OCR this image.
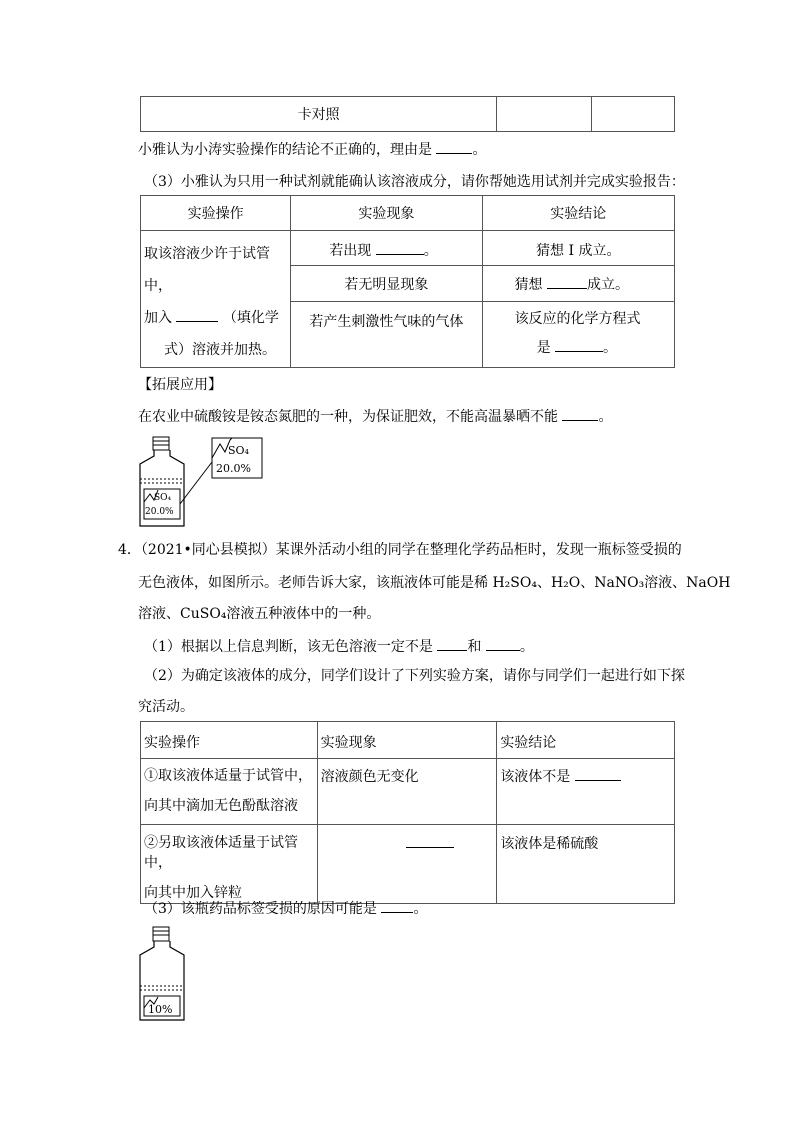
卡对照		
小雅认为小涛实验操作的结论不正确的，理由是	。
（3）小雅认为只用一种试剂就能确认该溶液成分，请你帮她选用试剂并完成实验报告：
实验操作	实验现象	实验结论

取该溶液少许于试管中，
加入 （填化学
式）溶液并加热。	若出现 。	猜想 I 成立。
	若无明显现象	猜想 成立。
	若产生刺激性气味的气体	该反应的化学方程式
是 。
【拓展应用】
在农业中硫酸铵是铵态氮肥的一种，为保证肥效，不能高温暴晒不能	。
SO₄
20.0%
SO₄
20.0%
4．（2021•同心县模拟）某课外活动小组的同学在整理化学药品柜时，发现一瓶标签受损的
无色液体，如图所示。老师告诉大家，该瓶液体可能是稀 H₂SO₄、H₂O、NaNO₃溶液、NaOH
溶液、CuSO₄溶液五种液体中的一种。
（1）根据以上信息判断，该无色溶液一定不是 和	。
（2）为确定该液体的成分，同学们设计了下列实验方案，请你与同学们一起进行如下探
究活动。
实验操作	实验现象	实验结论

①取该液体适量于试管中，
向其中滴加无色酚酞溶液	溶液颜色无变化	该液体不是

②另取该液体适量于试管中，
向其中加入锌粒		该液体是稀硫酸
（3）该瓶药品标签受损的原因可能是	。
10%
